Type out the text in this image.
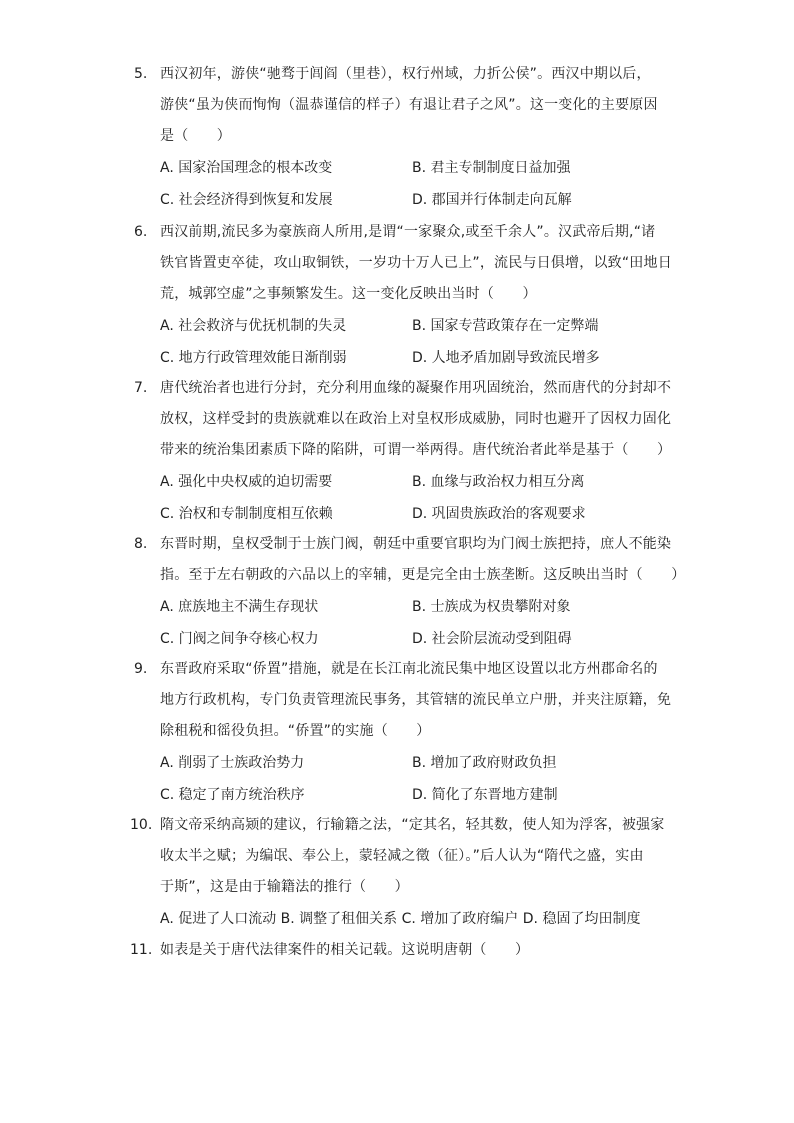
5. 西汉初年，游侠“驰骛于闾阎（里巷），权行州域，力折公侯”。西汉中期以后，
游侠“虽为侠而恂恂（温恭谨信的样子）有退让君子之风”。这一变化的主要原因
是（　　）
A. 国家治国理念的根本改变	B. 君主专制制度日益加强
C. 社会经济得到恢复和发展	D. 郡国并行体制走向瓦解
6. 西汉前期,流民多为豪族商人所用,是谓“一家聚众,或至千余人”。汉武帝后期,“诸
铁官皆置吏卒徒，攻山取铜铁，一岁功十万人已上”，流民与日俱增，以致“田地日
荒，城郭空虚”之事频繁发生。这一变化反映出当时（　　）
A. 社会救济与优抚机制的失灵	B. 国家专营政策存在一定弊端
C. 地方行政管理效能日渐削弱	D. 人地矛盾加剧导致流民增多
7. 唐代统治者也进行分封，充分利用血缘的凝聚作用巩固统治，然而唐代的分封却不
放权，这样受封的贵族就难以在政治上对皇权形成威胁，同时也避开了因权力固化
带来的统治集团素质下降的陷阱，可谓一举两得。唐代统治者此举是基于（　　）
A. 强化中央权威的迫切需要	B. 血缘与政治权力相互分离
C. 治权和专制制度相互依赖	D. 巩固贵族政治的客观要求
8. 东晋时期，皇权受制于士族门阀，朝廷中重要官职均为门阀士族把持，庶人不能染
指。至于左右朝政的六品以上的宰辅，更是完全由士族垄断。这反映出当时（　　）
A. 庶族地主不满生存现状	B. 士族成为权贵攀附对象
C. 门阀之间争夺核心权力	D. 社会阶层流动受到阻碍
9. 东晋政府采取“侨置”措施，就是在长江南北流民集中地区设置以北方州郡命名的
地方行政机构，专门负责管理流民事务，其管辖的流民单立户册，并夹注原籍，免
除租税和徭役负担。“侨置”的实施（　　）
A. 削弱了士族政治势力	B. 增加了政府财政负担
C. 稳定了南方统治秩序	D. 简化了东晋地方建制
10. 隋文帝采纳高颎的建议，行输籍之法，“定其名，轻其数，使人知为浮客，被强家
收太半之赋；为编氓、奉公上，蒙轻减之徵（征）。”后人认为“隋代之盛，实由
于斯”，这是由于输籍法的推行（　　）
A. 促进了人口流动 B. 调整了租佃关系 C. 增加了政府编户 D. 稳固了均田制度
11. 如表是关于唐代法律案件的相关记载。这说明唐朝（　　）
